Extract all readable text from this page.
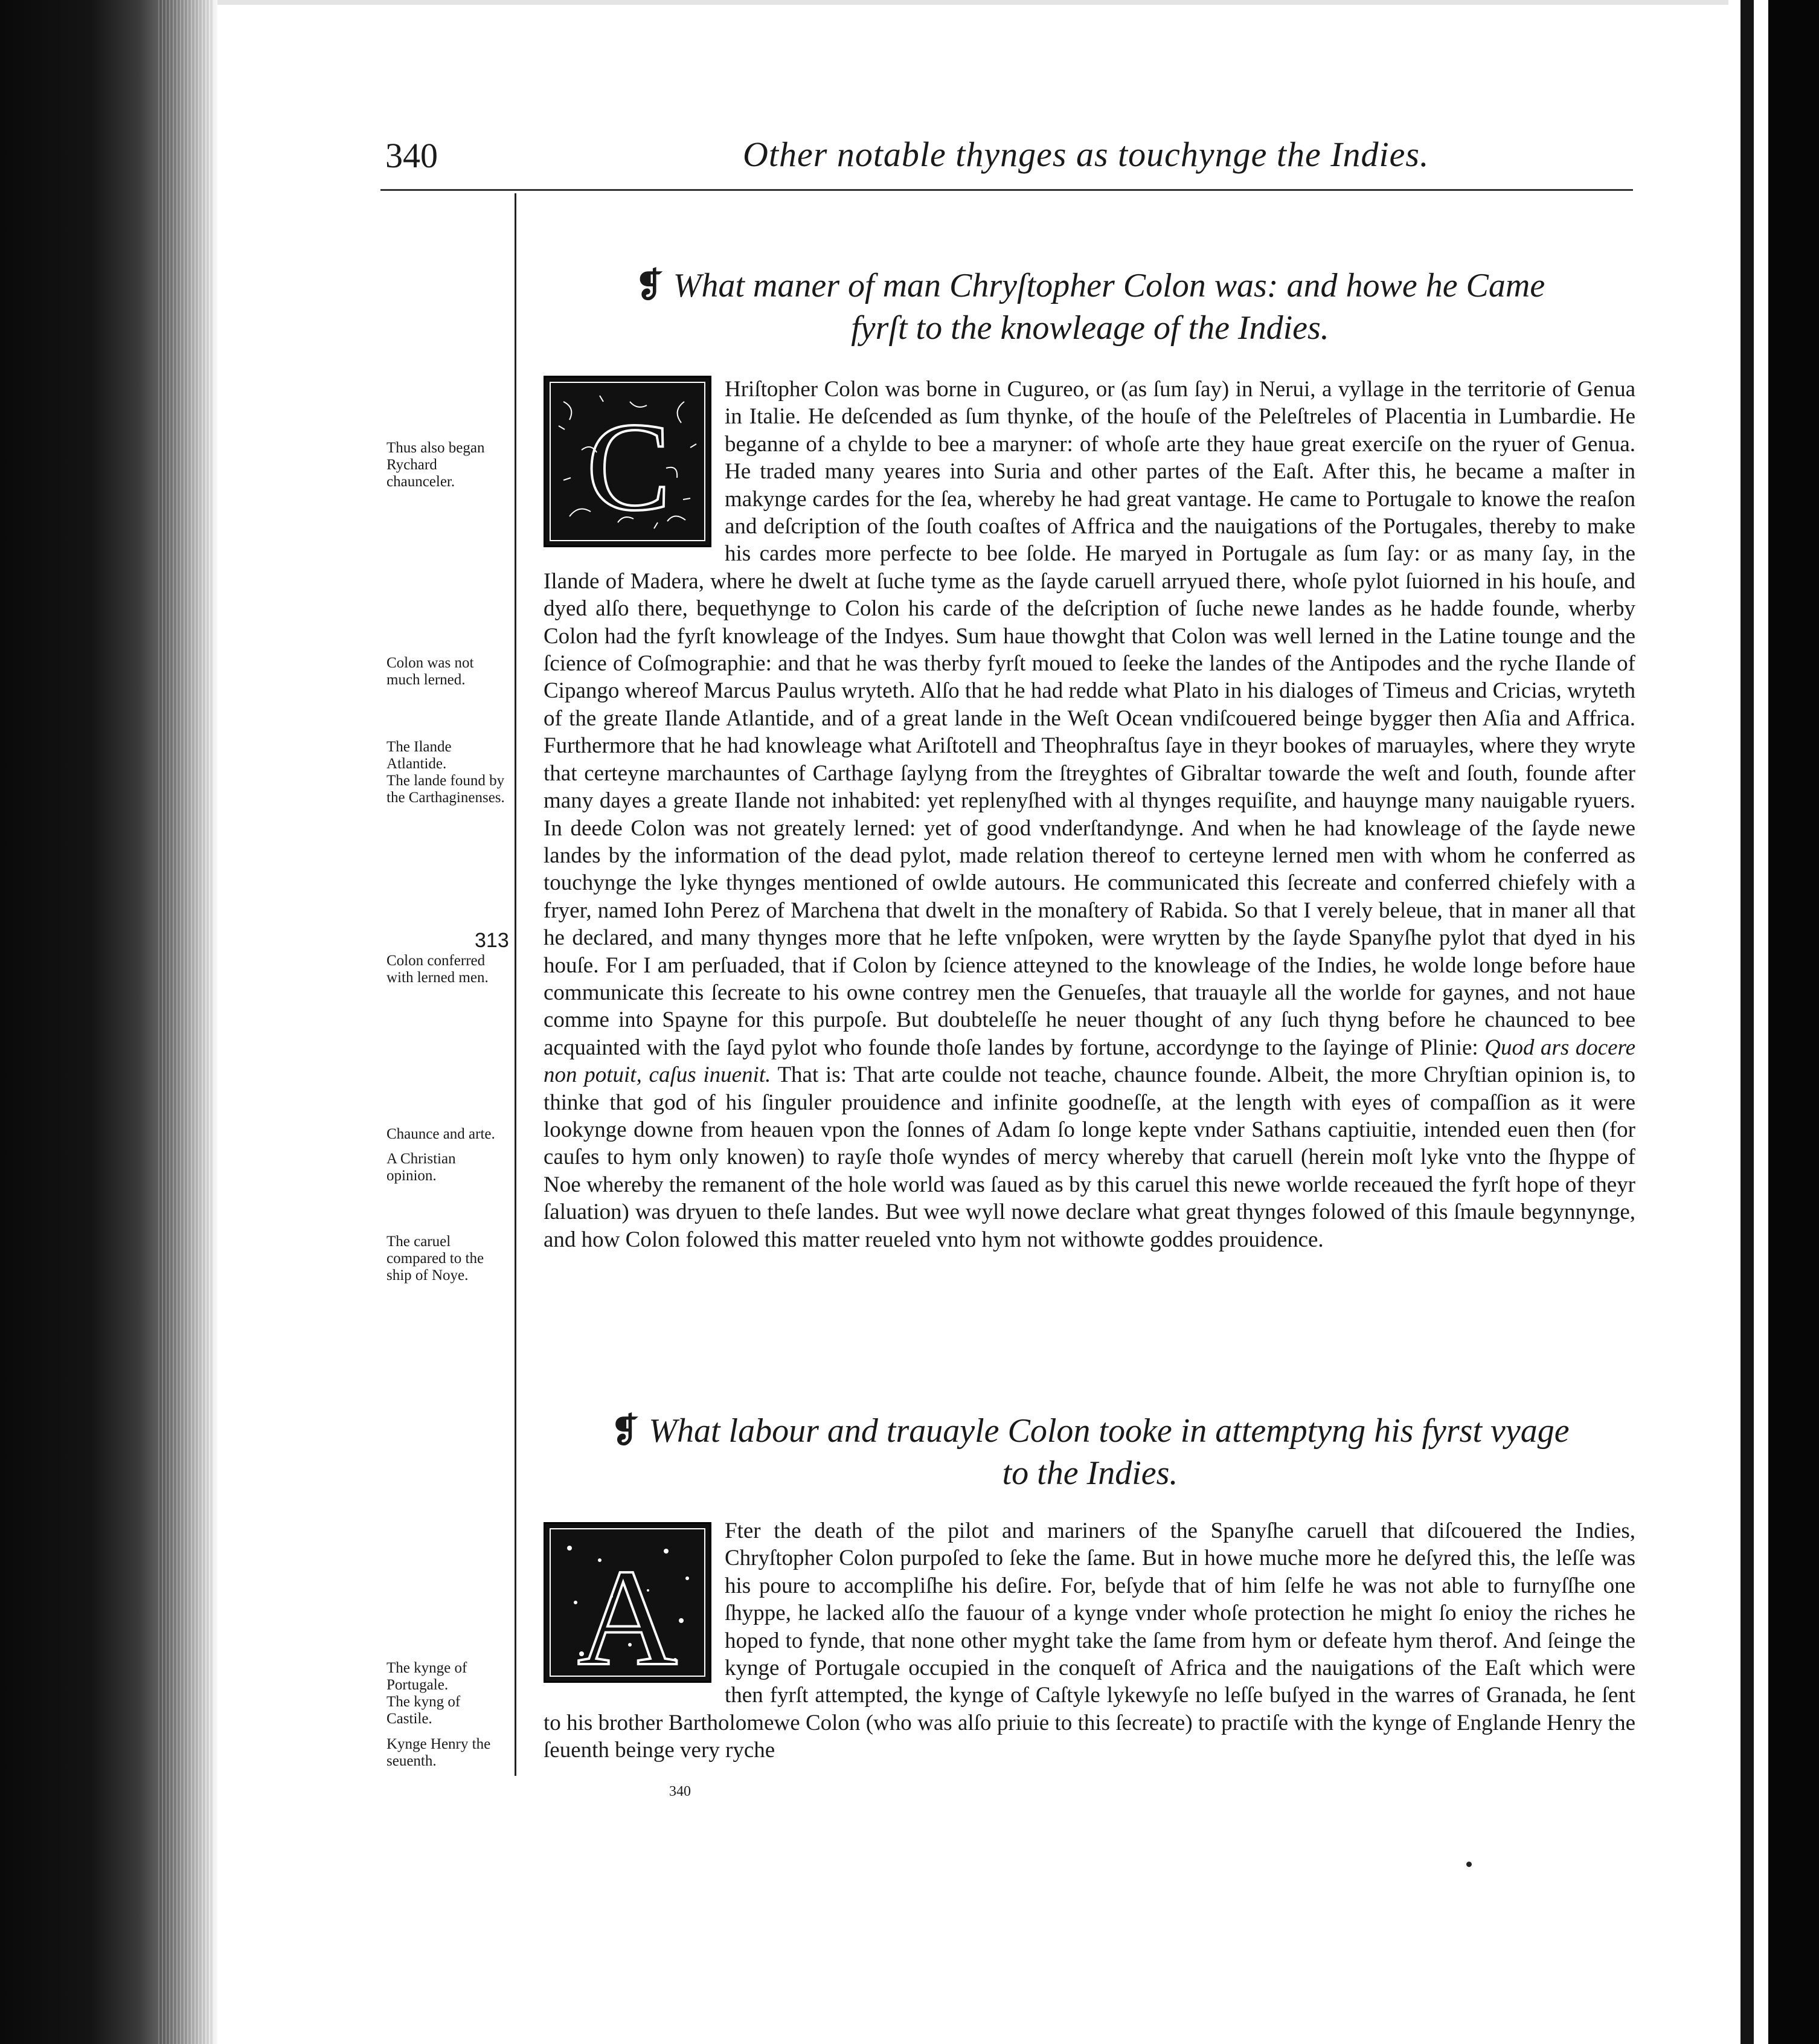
340	Other notable thynges as touchynge the Indies.
Thus also began Rychard chaunceler.
Colon was not much lerned.
The Ilande Atlantide.
The lande found by the Carthaginenses.
313
Colon conferred with lerned men.
Chaunce and arte.
A Christian opinion.
The caruel compared to the ship of Noye.
The kynge of Portugale.
The kyng of Castile.
Kynge Henry the seuenth.
❡ What maner of man Chryſtopher Colon was: and howe he Came
fyrſt to the knowleage of the Indies.
C
Hriſtopher Colon was borne in Cugureo, or (as ſum ſay) in Nerui, a vyllage in the territorie of Genua in Italie. He deſcended as ſum thynke, of the houſe of the Peleſtreles of Placentia in Lumbardie. He beganne of a chylde to bee a maryner: of whoſe arte they haue great exerciſe on the ryuer of Genua. He traded many yeares into Suria and other partes of the Eaſt. After this, he became a maſter in makynge cardes for the ſea, whereby he had great vantage. He came to Portugale to knowe the reaſon and deſcription of the ſouth coaſtes of Affrica and the nauigations of the Portugales, thereby to make his cardes more perfecte to bee ſolde. He maryed in Portugale as ſum ſay: or as many ſay, in the Ilande of Madera, where he dwelt at ſuche tyme as the ſayde caruell arryued there, whoſe pylot ſuiorned in his houſe, and dyed alſo there, bequethynge to Colon his carde of the deſcription of ſuche newe landes as he hadde founde, wherby Colon had the fyrſt knowleage of the Indyes. Sum haue thowght that Colon was well lerned in the Latine tounge and the ſcience of Coſmographie: and that he was therby fyrſt moued to ſeeke the landes of the Antipodes and the ryche Ilande of Cipango whereof Marcus Paulus wryteth. Alſo that he had redde what Plato in his dialoges of Timeus and Cricias, wryteth of the greate Ilande Atlantide, and of a great lande in the Weſt Ocean vndiſcouered beinge bygger then Aſia and Affrica. Furthermore that he had knowleage what Ariſtotell and Theophraſtus ſaye in theyr bookes of maruayles, where they wryte that certeyne marchauntes of Carthage ſaylyng from the ſtreyghtes of Gibraltar towarde the weſt and ſouth, founde after many dayes a greate Ilande not inhabited: yet replenyſhed with al thynges requiſite, and hauynge many nauigable ryuers. In deede Colon was not greately lerned: yet of good vnderſtandynge. And when he had knowleage of the ſayde newe landes by the information of the dead pylot, made relation thereof to certeyne lerned men with whom he conferred as touchynge the lyke thynges mentioned of owlde autours. He communicated this ſecreate and conferred chiefely with a fryer, named Iohn Perez of Marchena that dwelt in the monaſtery of Rabida. So that I verely beleue, that in maner all that he declared, and many thynges more that he lefte vnſpoken, were wrytten by the ſayde Spanyſhe pylot that dyed in his houſe. For I am perſuaded, that if Colon by ſcience atteyned to the knowleage of the Indies, he wolde longe before haue communicate this ſecreate to his owne contrey men the Genueſes, that trauayle all the worlde for gaynes, and not haue comme into Spayne for this purpoſe. But doubteleſſe he neuer thought of any ſuch thyng before he chaunced to bee acquainted with the ſayd pylot who founde thoſe landes by fortune, accordynge to the ſayinge of Plinie: Quod ars docere non potuit, caſus inuenit. That is: That arte coulde not teache, chaunce founde. Albeit, the more Chryſtian opinion is, to thinke that god of his ſinguler prouidence and infinite goodneſſe, at the length with eyes of compaſſion as it were lookynge downe from heauen vpon the ſonnes of Adam ſo longe kepte vnder Sathans captiuitie, intended euen then (for cauſes to hym only knowen) to rayſe thoſe wyndes of mercy whereby that caruell (herein moſt lyke vnto the ſhyppe of Noe whereby the remanent of the hole world was ſaued as by this caruel this newe worlde receaued the fyrſt hope of theyr ſaluation) was dryuen to theſe landes. But wee wyll nowe declare what great thynges folowed of this ſmaule begynnynge, and how Colon folowed this matter reueled vnto hym not withowte goddes prouidence.
❡ What labour and trauayle Colon tooke in attemptyng his fyrst vyage
to the Indies.
A
Fter the death of the pilot and mariners of the Spanyſhe caruell that diſcouered the Indies, Chryſtopher Colon purpoſed to ſeke the ſame. But in howe muche more he deſyred this, the leſſe was his poure to accompliſhe his deſire. For, beſyde that of him ſelfe he was not able to furnyſſhe one ſhyppe, he lacked alſo the fauour of a kynge vnder whoſe protection he might ſo enioy the riches he hoped to fynde, that none other myght take the ſame from hym or defeate hym therof. And ſeinge the kynge of Portugale occupied in the conqueſt of Africa and the nauigations of the Eaſt which were then fyrſt attempted, the kynge of Caſtyle lykewyſe no leſſe buſyed in the warres of Granada, he ſent to his brother Bartholomewe Colon (who was alſo priuie to this ſecreate) to practiſe with the kynge of Englande Henry the ſeuenth beinge very ryche
340
